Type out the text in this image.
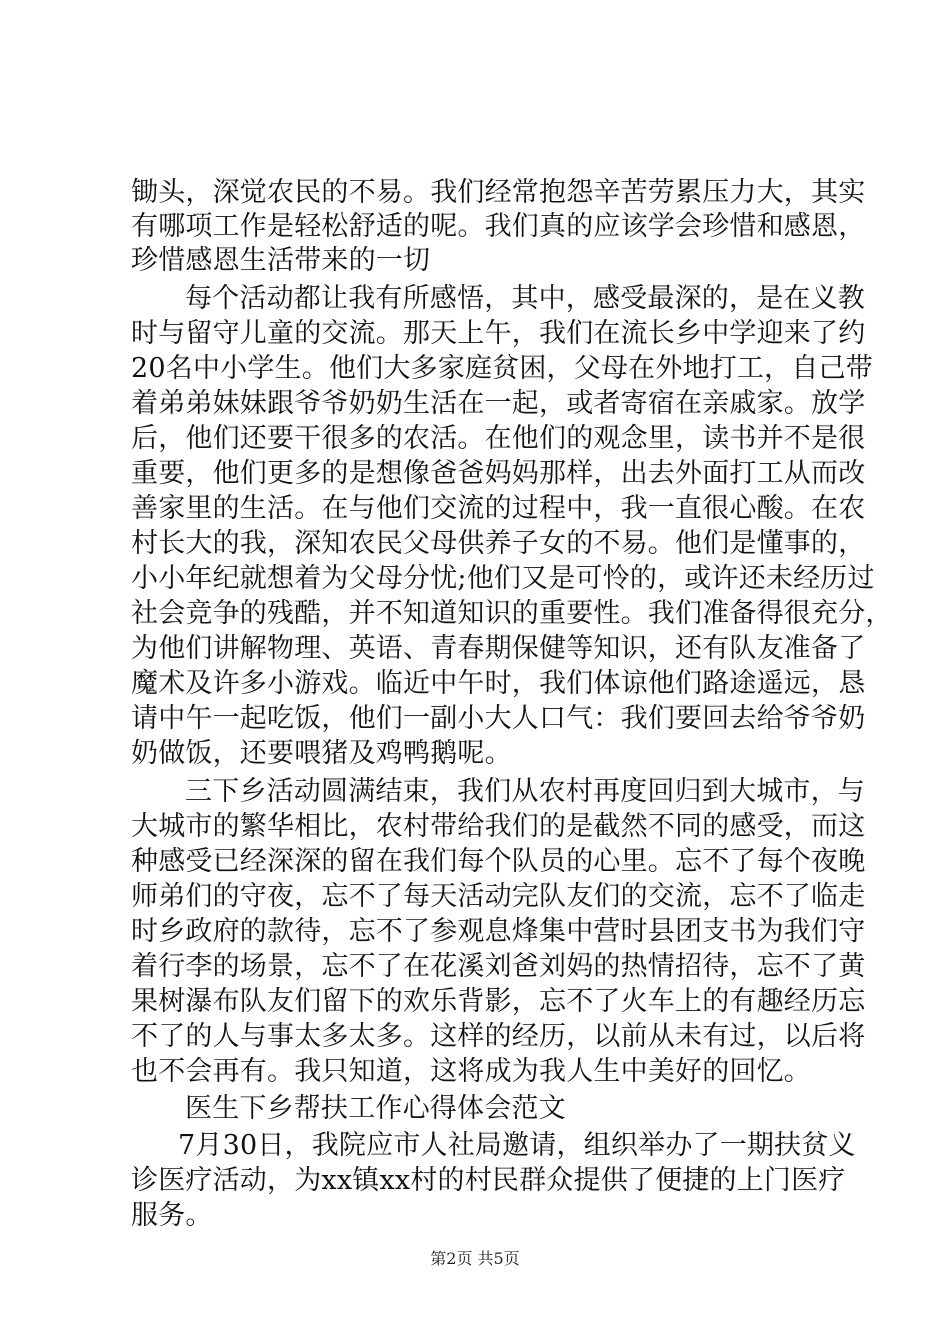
锄头，深觉农民的不易。我们经常抱怨辛苦劳累压力大，其实
有哪项工作是轻松舒适的呢。我们真的应该学会珍惜和感恩，
珍惜感恩生活带来的一切
每个活动都让我有所感悟，其中，感受最深的，是在义教
时与留守儿童的交流。那天上午，我们在流长乡中学迎来了约
20名中小学生。他们大多家庭贫困，父母在外地打工，自己带
着弟弟妹妹跟爷爷奶奶生活在一起，或者寄宿在亲戚家。放学
后，他们还要干很多的农活。在他们的观念里，读书并不是很
重要，他们更多的是想像爸爸妈妈那样，出去外面打工从而改
善家里的生活。在与他们交流的过程中，我一直很心酸。在农
村长大的我，深知农民父母供养子女的不易。他们是懂事的，
小小年纪就想着为父母分忧;他们又是可怜的，或许还未经历过
社会竞争的残酷，并不知道知识的重要性。我们准备得很充分，
为他们讲解物理、英语、青春期保健等知识，还有队友准备了
魔术及许多小游戏。临近中午时，我们体谅他们路途遥远，恳
请中午一起吃饭，他们一副小大人口气：我们要回去给爷爷奶
奶做饭，还要喂猪及鸡鸭鹅呢。
三下乡活动圆满结束，我们从农村再度回归到大城市，与
大城市的繁华相比，农村带给我们的是截然不同的感受，而这
种感受已经深深的留在我们每个队员的心里。忘不了每个夜晚
师弟们的守夜，忘不了每天活动完队友们的交流，忘不了临走
时乡政府的款待，忘不了参观息烽集中营时县团支书为我们守
着行李的场景，忘不了在花溪刘爸刘妈的热情招待，忘不了黄
果树瀑布队友们留下的欢乐背影，忘不了火车上的有趣经历忘
不了的人与事太多太多。这样的经历，以前从未有过，以后将
也不会再有。我只知道，这将成为我人生中美好的回忆。
医生下乡帮扶工作心得体会范文
7月30日，我院应市人社局邀请，组织举办了一期扶贫义
诊医疗活动，为xx镇xx村的村民群众提供了便捷的上门医疗
服务。
第2页 共5页
